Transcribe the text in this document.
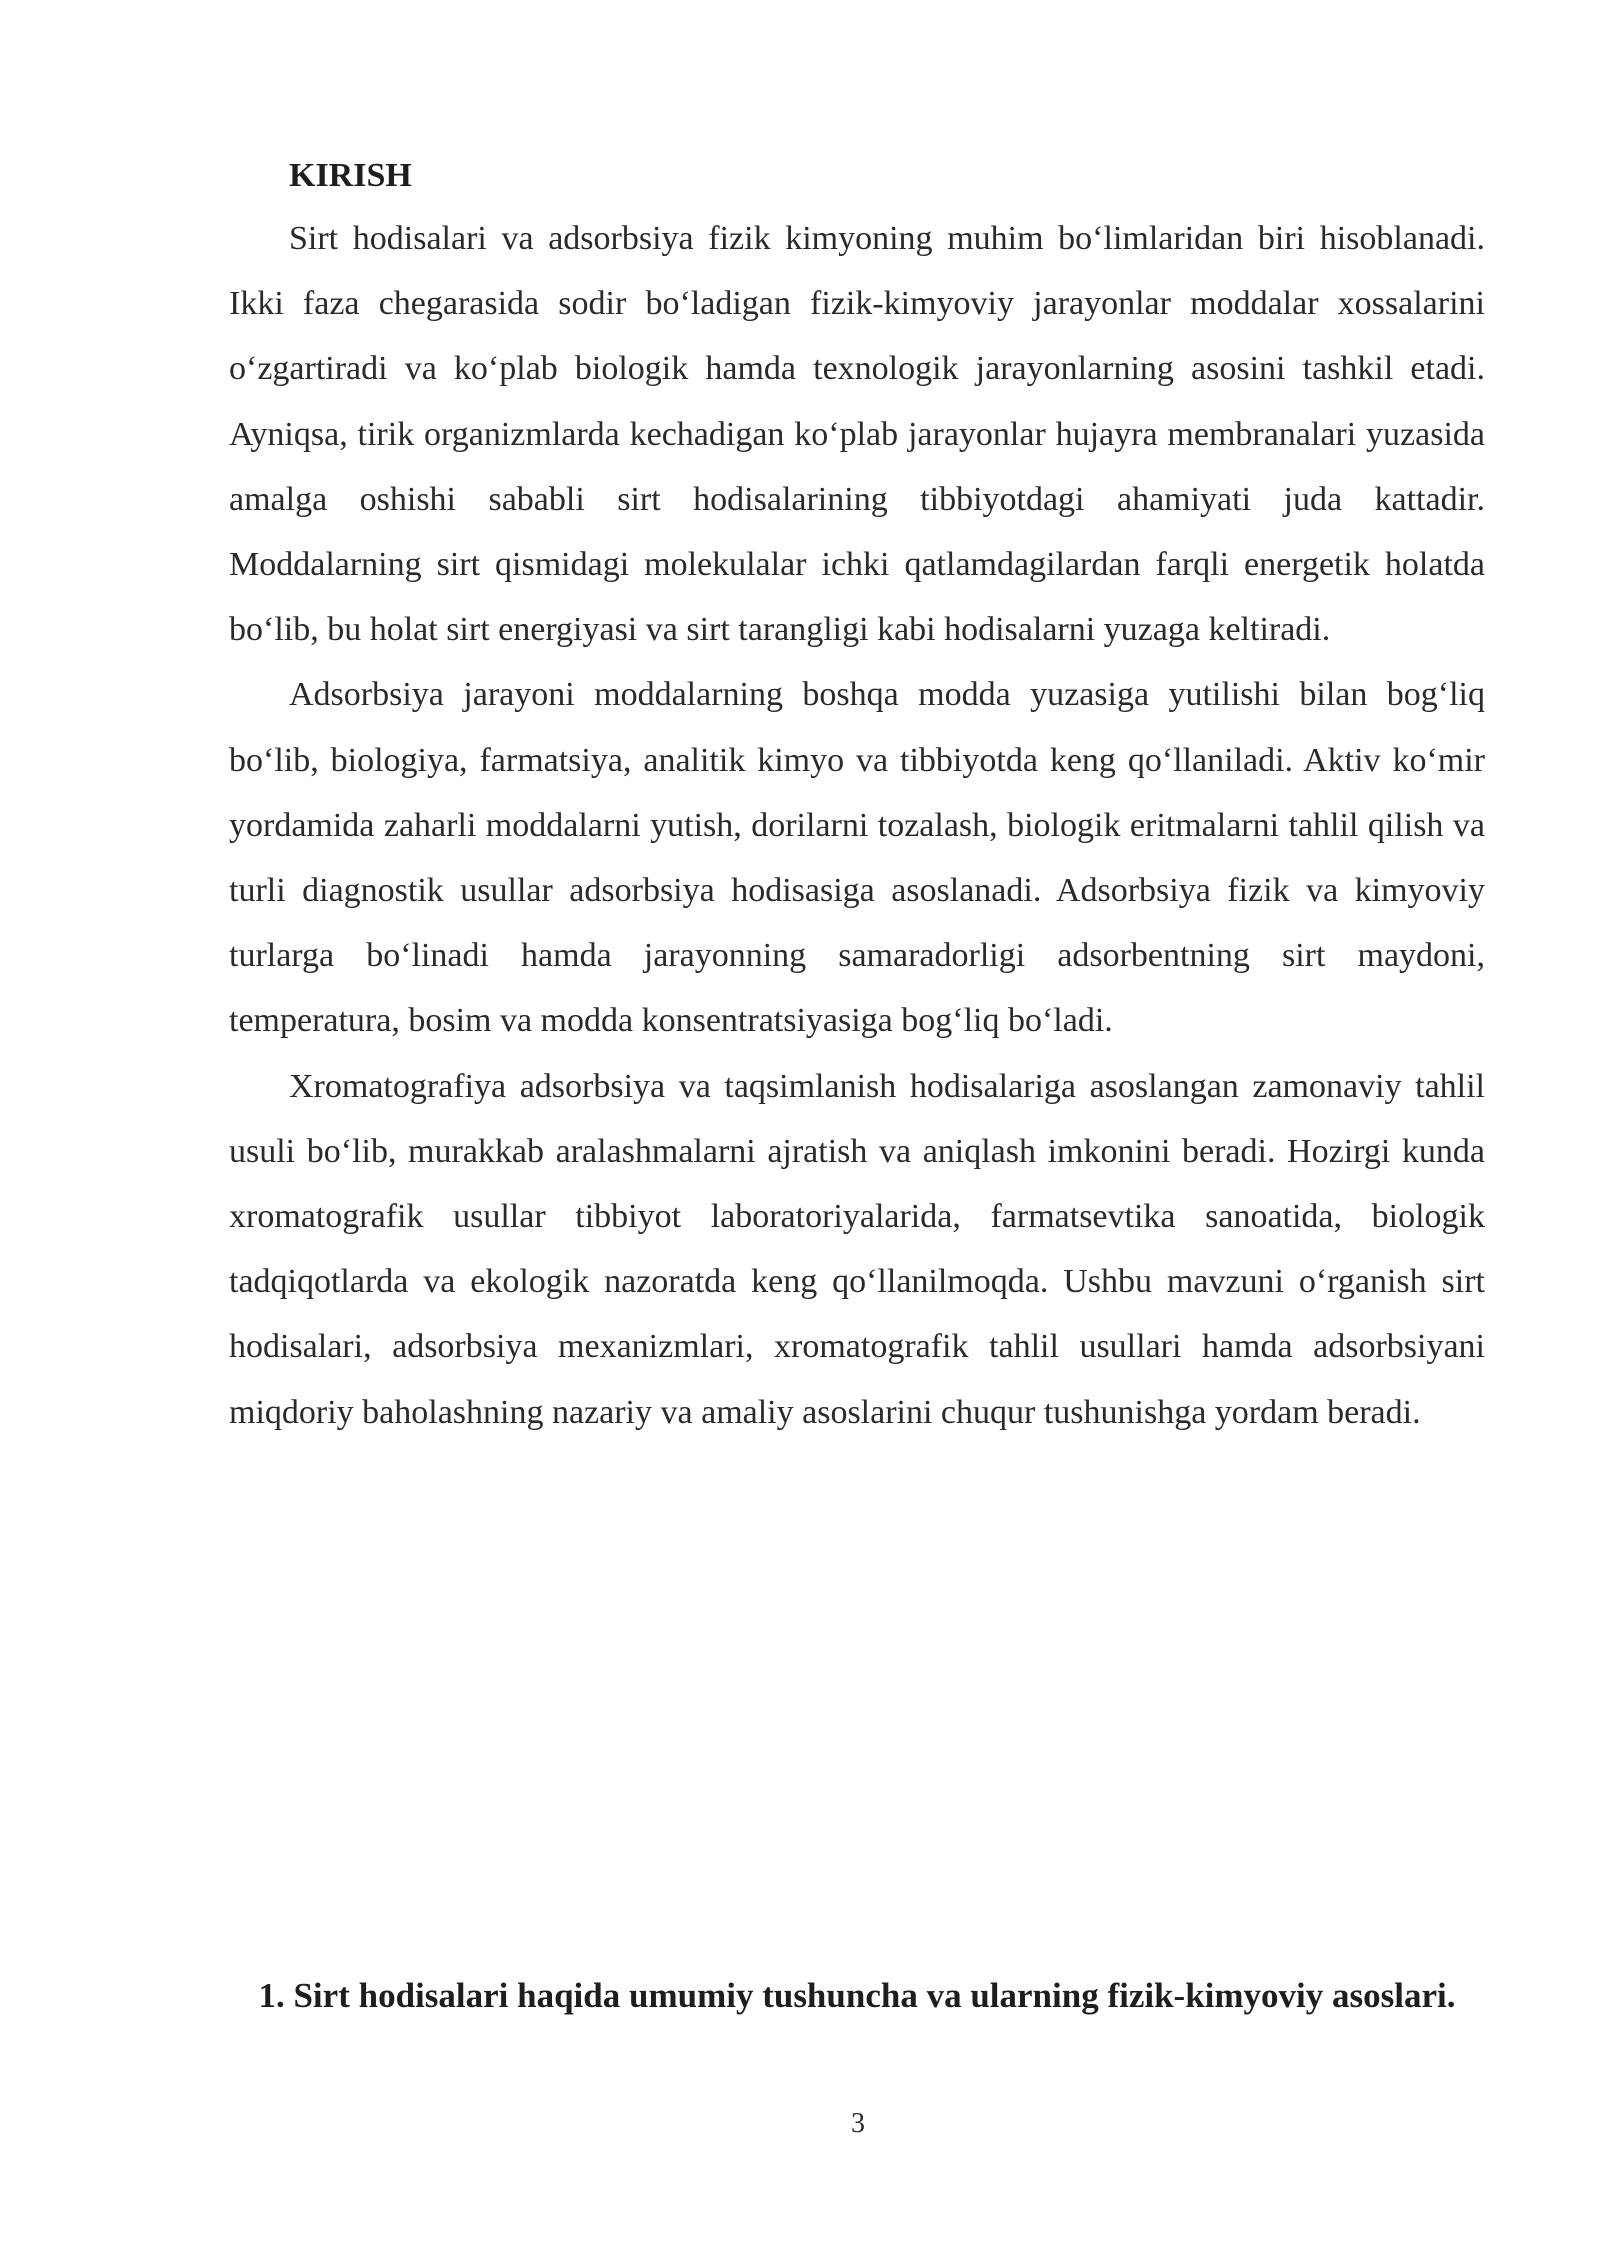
KIRISH

Sirt hodisalari va adsorbsiya fizik kimyoning muhim bo‘limlaridan biri hisoblanadi. Ikki faza chegarasida sodir bo‘ladigan fizik-kimyoviy jarayonlar moddalar xossalarini o‘zgartiradi va ko‘plab biologik hamda texnologik jarayonlarning asosini tashkil etadi. Ayniqsa, tirik organizmlarda kechadigan ko‘plab jarayonlar hujayra membranalari yuzasida amalga oshishi sababli sirt hodisalarining tibbiyotdagi ahamiyati juda kattadir. Moddalarning sirt qismidagi molekulalar ichki qatlamdagilardan farqli energetik holatda bo‘lib, bu holat sirt energiyasi va sirt tarangligi kabi hodisalarni yuzaga keltiradi.

Adsorbsiya jarayoni moddalarning boshqa modda yuzasiga yutilishi bilan bog‘liq bo‘lib, biologiya, farmatsiya, analitik kimyo va tibbiyotda keng qo‘llaniladi. Aktiv ko‘mir yordamida zaharli moddalarni yutish, dorilarni tozalash, biologik eritmalarni tahlil qilish va turli diagnostik usullar adsorbsiya hodisasiga asoslanadi. Adsorbsiya fizik va kimyoviy turlarga bo‘linadi hamda jarayonning samaradorligi adsorbentning sirt maydoni, temperatura, bosim va modda konsentratsiyasiga bog‘liq bo‘ladi.

Xromatografiya adsorbsiya va taqsimlanish hodisalariga asoslangan zamonaviy tahlil usuli bo‘lib, murakkab aralashmalarni ajratish va aniqlash imkonini beradi. Hozirgi kunda xromatografik usullar tibbiyot laboratoriyalarida, farmatsevtika sanoatida, biologik tadqiqotlarda va ekologik nazoratda keng qo‘llanilmoqda. Ushbu mavzuni o‘rganish sirt hodisalari, adsorbsiya mexanizmlari, xromatografik tahlil usullari hamda adsorbsiyani miqdoriy baholashning nazariy va amaliy asoslarini chuqur tushunishga yordam beradi.

1. Sirt hodisalari haqida umumiy tushuncha va ularning fizik-kimyoviy asoslari.
3
